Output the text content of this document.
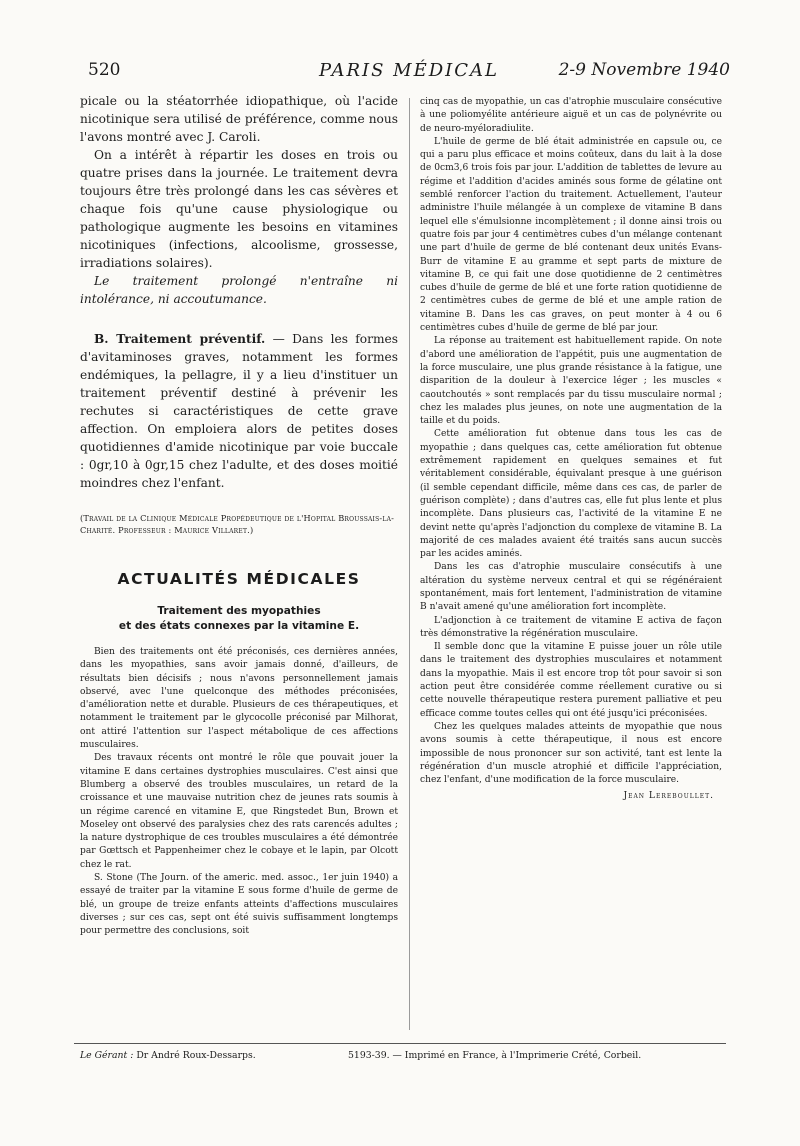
520	PARIS MÉDICAL	2-9 Novembre 1940

picale ou la stéatorrhée idiopathique, où l'acide nicotinique sera utilisé de préférence, comme nous l'avons montré avec J. Caroli.

On a intérêt à répartir les doses en trois ou quatre prises dans la journée. Le traitement devra toujours être très prolongé dans les cas sévères et chaque fois qu'une cause physiologique ou pathologique augmente les besoins en vitamines nicotiniques (infections, alcoolisme, grossesse, irradiations solaires).

Le traitement prolongé n'entraîne ni intolérance, ni accoutumance.

B. Traitement préventif. — Dans les formes d'avitaminoses graves, notamment les formes endémiques, la pellagre, il y a lieu d'instituer un traitement préventif destiné à prévenir les rechutes si caractéristiques de cette grave affection. On emploiera alors de petites doses quotidiennes d'amide nicotinique par voie buccale : 0gr,10 à 0gr,15 chez l'adulte, et des doses moitié moindres chez l'enfant.

(Travail de la Clinique Médicale Propédeutique de l'Hopital Broussais-la-Charité. Professeur : Maurice Villaret.)

ACTUALITÉS MÉDICALES
Traitement des myopathies
et des états connexes par la vitamine E.

Bien des traitements ont été préconisés, ces dernières années, dans les myopathies, sans avoir jamais donné, d'ailleurs, de résultats bien décisifs ; nous n'avons personnellement jamais observé, avec l'une quelconque des méthodes préconisées, d'amélioration nette et durable. Plusieurs de ces thérapeutiques, et notamment le traitement par le glycocolle préconisé par Milhorat, ont attiré l'attention sur l'aspect métabolique de ces affections musculaires.

Des travaux récents ont montré le rôle que pouvait jouer la vitamine E dans certaines dystrophies musculaires. C'est ainsi que Blumberg a observé des troubles musculaires, un retard de la croissance et une mauvaise nutrition chez de jeunes rats soumis à un régime carencé en vitamine E, que Ringstedet Bun, Brown et Moseley ont observé des paralysies chez des rats carencés adultes ; la nature dystrophique de ces troubles musculaires a été démontrée par Gœttsch et Pappenheimer chez le cobaye et le lapin, par Olcott chez le rat.

S. Stone (The Journ. of the americ. med. assoc., 1er juin 1940) a essayé de traiter par la vitamine E sous forme d'huile de germe de blé, un groupe de treize enfants atteints d'affections musculaires diverses ; sur ces cas, sept ont été suivis suffisamment longtemps pour permettre des conclusions, soit

cinq cas de myopathie, un cas d'atrophie musculaire consécutive à une poliomyélite antérieure aiguë et un cas de polynévrite ou de neuro-myéloradiulite.

L'huile de germe de blé était administrée en capsule ou, ce qui a paru plus efficace et moins coûteux, dans du lait à la dose de 0cm3,6 trois fois par jour. L'addition de tablettes de levure au régime et l'addition d'acides aminés sous forme de gélatine ont semblé renforcer l'action du traitement. Actuellement, l'auteur administre l'huile mélangée à un complexe de vitamine B dans lequel elle s'émulsionne incomplètement ; il donne ainsi trois ou quatre fois par jour 4 centimètres cubes d'un mélange contenant une part d'huile de germe de blé contenant deux unités Evans-Burr de vitamine E au gramme et sept parts de mixture de vitamine B, ce qui fait une dose quotidienne de 2 centimètres cubes d'huile de germe de blé et une forte ration quotidienne de 2 centimètres cubes de germe de blé et une ample ration de vitamine B. Dans les cas graves, on peut monter à 4 ou 6 centimètres cubes d'huile de germe de blé par jour.

La réponse au traitement est habituellement rapide. On note d'abord une amélioration de l'appétit, puis une augmentation de la force musculaire, une plus grande résistance à la fatigue, une disparition de la douleur à l'exercice léger ; les muscles « caoutchoutés » sont remplacés par du tissu musculaire normal ; chez les malades plus jeunes, on note une augmentation de la taille et du poids.

Cette amélioration fut obtenue dans tous les cas de myopathie ; dans quelques cas, cette amélioration fut obtenue extrêmement rapidement en quelques semaines et fut véritablement considérable, équivalant presque à une guérison (il semble cependant difficile, même dans ces cas, de parler de guérison complète) ; dans d'autres cas, elle fut plus lente et plus incomplète. Dans plusieurs cas, l'activité de la vitamine E ne devint nette qu'après l'adjonction du complexe de vitamine B. La majorité de ces malades avaient été traités sans aucun succès par les acides aminés.

Dans les cas d'atrophie musculaire consécutifs à une altération du système nerveux central et qui se régénéraient spontanément, mais fort lentement, l'administration de vitamine B n'avait amené qu'une amélioration fort incomplète.

L'adjonction à ce traitement de vitamine E activa de façon très démonstrative la régénération musculaire.

Il semble donc que la vitamine E puisse jouer un rôle utile dans le traitement des dystrophies musculaires et notamment dans la myopathie. Mais il est encore trop tôt pour savoir si son action peut être considérée comme réellement curative ou si cette nouvelle thérapeutique restera purement palliative et peu efficace comme toutes celles qui ont été jusqu'ici préconisées.

Chez les quelques malades atteints de myopathie que nous avons soumis à cette thérapeutique, il nous est encore impossible de nous prononcer sur son activité, tant est lente la régénération d'un muscle atrophié et difficile l'appréciation, chez l'enfant, d'une modification de la force musculaire.

Jean Lereboullet.

Le Gérant : Dr André Roux-Dessarps.	5193-39. — Imprimé en France, à l'Imprimerie Crété, Corbeil.
